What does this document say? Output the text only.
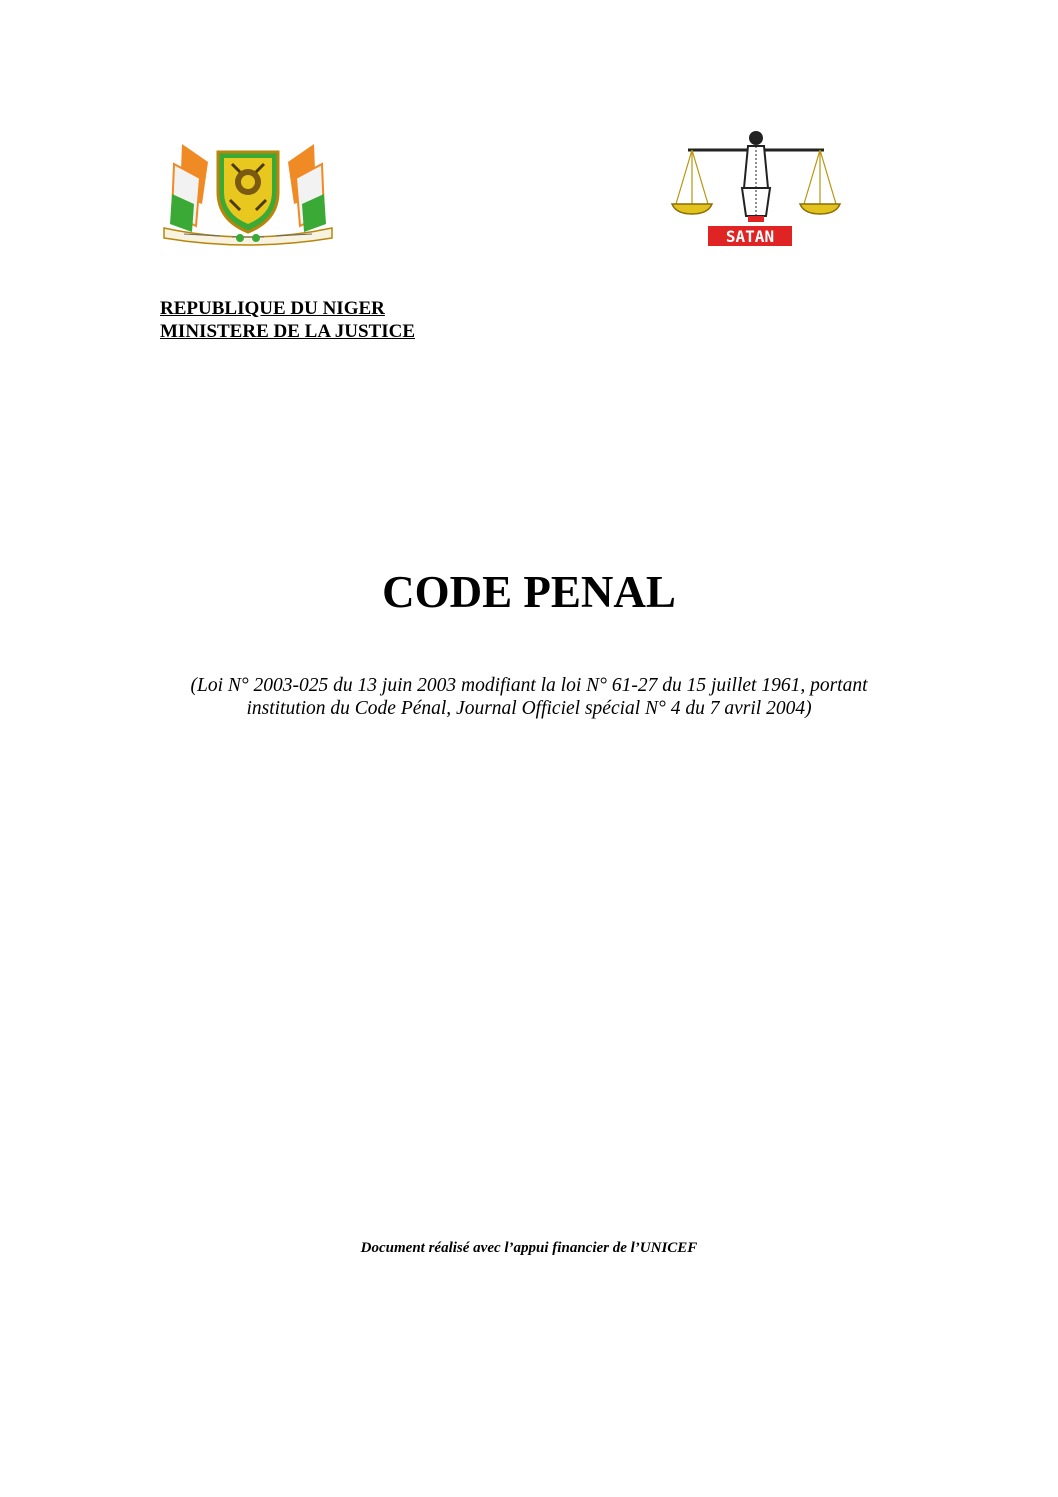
SATAN
REPUBLIQUE DU NIGER
MINISTERE DE LA JUSTICE
CODE PENAL
(Loi N° 2003-025 du 13 juin 2003 modifiant la loi N° 61-27 du 15 juillet 1961, portant
institution du Code Pénal, Journal Officiel spécial N° 4 du 7 avril 2004)
Document réalisé avec l’appui financier de l’UNICEF
